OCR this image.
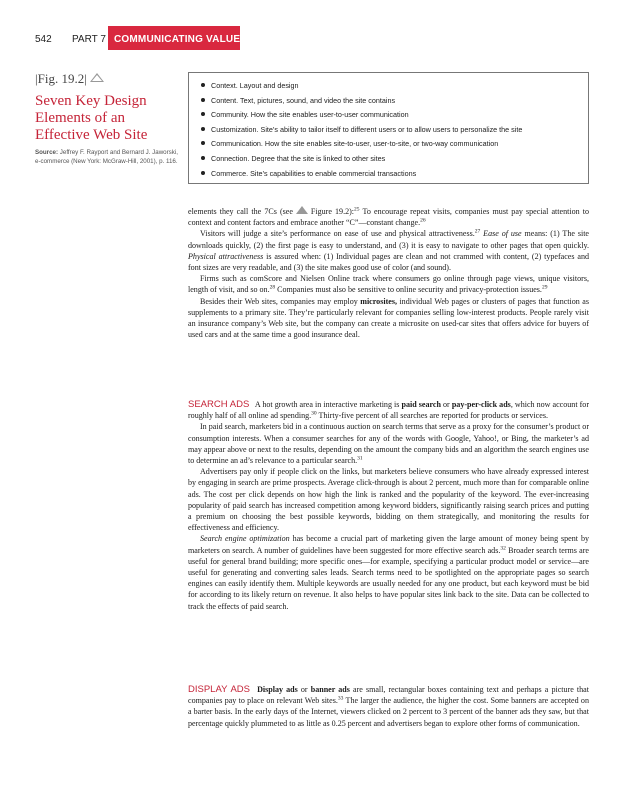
542 PART 7 COMMUNICATING VALUE
|Fig. 19.2|
Seven Key Design Elements of an Effective Web Site
Source: Jeffrey F. Rayport and Bernard J. Jaworski, e-commerce (New York: McGraw-Hill, 2001), p. 116.
Context. Layout and design
Content. Text, pictures, sound, and video the site contains
Community. How the site enables user-to-user communication
Customization. Site’s ability to tailor itself to different users or to allow users to personalize the site
Communication. How the site enables site-to-user, user-to-site, or two-way communication
Connection. Degree that the site is linked to other sites
Commerce. Site’s capabilities to enable commercial transactions

elements they call the 7Cs (see Figure 19.2):$^{25}$ To encourage repeat visits, companies must pay special attention to context and content factors and embrace another “C”—constant change.$^{26}$

Visitors will judge a site’s performance on ease of use and physical attractiveness.$^{27}$ Ease of use means: (1) The site downloads quickly, (2) the first page is easy to understand, and (3) it is easy to navigate to other pages that open quickly. Physical attractiveness is assured when: (1) Individual pages are clean and not crammed with content, (2) typefaces and font sizes are very readable, and (3) the site makes good use of color (and sound).

Firms such as comScore and Nielsen Online track where consumers go online through page views, unique visitors, length of visit, and so on.$^{28}$ Companies must also be sensitive to online security and privacy-protection issues.$^{29}$

Besides their Web sites, companies may employ microsites, individual Web pages or clusters of pages that function as supplements to a primary site. They’re particularly relevant for companies selling low-interest products. People rarely visit an insurance company’s Web site, but the company can create a microsite on used-car sites that offers advice for buyers of used cars and at the same time a good insurance deal.

SEARCH ADS A hot growth area in interactive marketing is paid search or pay-per-click ads, which now account for roughly half of all online ad spending.$^{30}$ Thirty-five percent of all searches are reported for products or services.

In paid search, marketers bid in a continuous auction on search terms that serve as a proxy for the consumer’s product or consumption interests. When a consumer searches for any of the words with Google, Yahoo!, or Bing, the marketer’s ad may appear above or next to the results, depending on the amount the company bids and an algorithm the search engines use to determine an ad’s relevance to a particular search.$^{31}$

Advertisers pay only if people click on the links, but marketers believe consumers who have already expressed interest by engaging in search are prime prospects. Average click-through is about 2 percent, much more than for comparable online ads. The cost per click depends on how high the link is ranked and the popularity of the keyword. The ever-increasing popularity of paid search has increased competition among keyword bidders, significantly raising search prices and putting a premium on choosing the best possible keywords, bidding on them strategically, and monitoring the results for effectiveness and efficiency.

Search engine optimization has become a crucial part of marketing given the large amount of money being spent by marketers on search. A number of guidelines have been suggested for more effective search ads.$^{32}$ Broader search terms are useful for general brand building; more specific ones—for example, specifying a particular product model or service—are useful for generating and converting sales leads. Search terms need to be spotlighted on the appropriate pages so search engines can easily identify them. Multiple keywords are usually needed for any one product, but each keyword must be bid for according to its likely return on revenue. It also helps to have popular sites link back to the site. Data can be collected to track the effects of paid search.

DISPLAY ADS Display ads or banner ads are small, rectangular boxes containing text and perhaps a picture that companies pay to place on relevant Web sites.$^{33}$ The larger the audience, the higher the cost. Some banners are accepted on a barter basis. In the early days of the Internet, viewers clicked on 2 percent to 3 percent of the banner ads they saw, but that percentage quickly plummeted to as little as 0.25 percent and advertisers began to explore other forms of communication.
